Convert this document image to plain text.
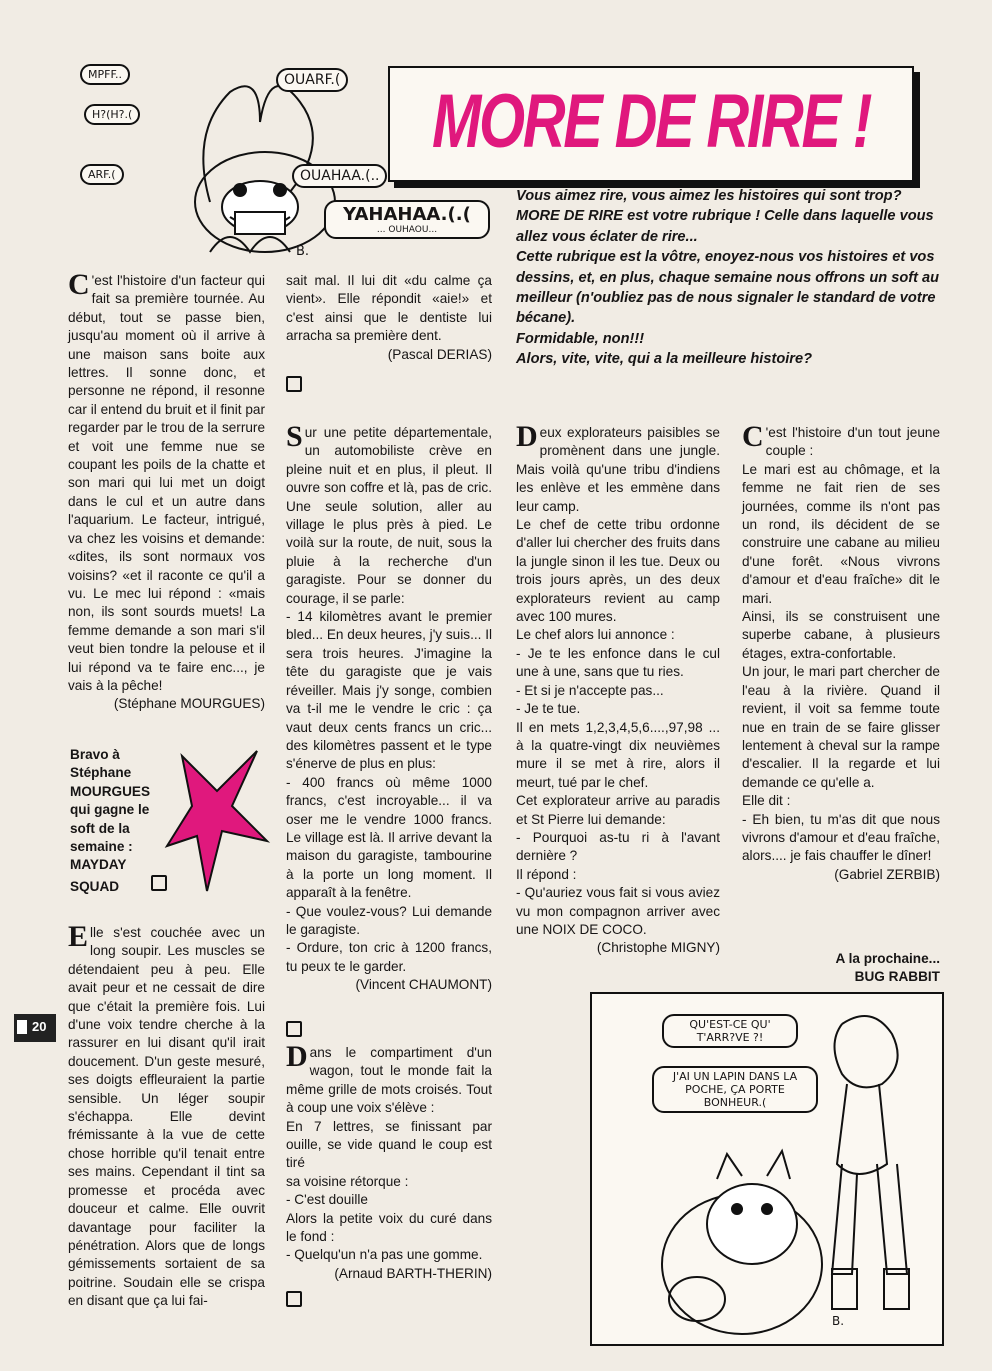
MPFF..
H?(H?.(
ARF.(
OUARF.(
OUAHAA.(..
YAHAHAA.(.(
... OUHAOU...
B.
MORE DE RIRE !

Vous aimez rire, vous aimez les histoires qui sont trop? MORE DE RIRE est votre rubrique ! Celle dans laquelle vous allez vous éclater de rire...

Cette rubrique est la vôtre, enoyez-nous vos histoires et vos dessins, et, en plus, chaque semaine nous offrons un soft au meilleur (n'oubliez pas de nous signaler le standard de votre bécane).

Formidable, non!!!

Alors, vite, vite, qui a la meilleure histoire?

C 'est l'histoire d'un facteur qui fait sa première tournée. Au début, tout se passe bien, jusqu'au moment où il arrive à une maison sans boite aux lettres. Il sonne donc, et personne ne répond, il resonne car il entend du bruit et il finit par regarder par le trou de la serrure et voit une femme nue se coupant les poils de la chatte et son mari qui lui met un doigt dans le cul et un autre dans l'aquarium. Le facteur, intrigué, va chez les voisins et demande: «dites, ils sont normaux vos voisins? «et il raconte ce qu'il a vu. Le mec lui répond : «mais non, ils sont sourds muets! La femme demande a son mari s'il veut bien tondre la pelouse et il lui répond va te faire enc..., je vais à la pêche!

(Stéphane MOURGUES)

Bravo à
Stéphane
MOURGUES
qui gagne le
soft de la
semaine :
MAYDAY
SQUAD

Elle s'est couchée avec un long soupir. Les muscles se détendaient peu à peu. Elle avait peur et ne cessait de dire que c'était la première fois. Lui d'une voix tendre cherche à la rassurer en lui disant qu'il irait doucement. D'un geste mesuré, ses doigts effleuraient la partie sensible. Un léger soupir s'échappa. Elle devint frémissante à la vue de cette chose horrible qu'il tenait entre ses mains. Cependant il tint sa promesse et procéda avec douceur et calme. Elle ouvrit davantage pour faciliter la pénétration. Alors que de longs gémissements sortaient de sa poitrine. Soudain elle se crispa en disant que ça lui fai-

20

sait mal. Il lui dit «du calme ça vient». Elle répondit «aie!» et c'est ainsi que le dentiste lui arracha sa première dent.

(Pascal DERIAS)

Sur une petite départementale, un automobiliste crève en pleine nuit et en plus, il pleut. Il ouvre son coffre et là, pas de cric. Une seule solution, aller au village le plus près à pied. Le voilà sur la route, de nuit, sous la pluie à la recherche d'un garagiste. Pour se donner du courage, il se parle:

- 14 kilomètres avant le premier bled... En deux heures, j'y suis... Il sera trois heures. J'imagine la tête du garagiste que je vais réveiller. Mais j'y songe, combien va t-il me le vendre le cric : ça vaut deux cents francs un cric... des kilomètres passent et le type s'énerve de plus en plus:

- 400 francs où même 1000 francs, c'est incroyable... il va oser me le vendre 1000 francs. Le village est là. Il arrive devant la maison du garagiste, tambourine à la porte un long moment. Il apparaît à la fenêtre.

- Que voulez-vous? Lui demande le garagiste.

- Ordure, ton cric à 1200 francs, tu peux te le garder.

(Vincent CHAUMONT)

Dans le compartiment d'un wagon, tout le monde fait la même grille de mots croisés. Tout à coup une voix s'élève :

En 7 lettres, se finissant par ouille, se vide quand le coup est tiré

sa voisine rétorque :

- C'est douille

Alors la petite voix du curé dans le fond :

- Quelqu'un n'a pas une gomme.

(Arnaud BARTH-THERIN)

Deux explorateurs paisibles se promènent dans une jungle. Mais voilà qu'une tribu d'indiens les enlève et les emmène dans leur camp.

Le chef de cette tribu ordonne d'aller lui chercher des fruits dans la jungle sinon il les tue. Deux ou trois jours après, un des deux explorateurs revient au camp avec 100 mures.

Le chef alors lui annonce :

- Je te les enfonce dans le cul une à une, sans que tu ries.

- Et si je n'accepte pas...

- Je te tue.

Il en mets 1,2,3,4,5,6....,97,98 ... à la quatre-vingt dix neuvièmes mure il se met à rire, alors il meurt, tué par le chef.

Cet explorateur arrive au paradis et St Pierre lui demande:

- Pourquoi as-tu ri à l'avant dernière ?

Il répond :

- Qu'auriez vous fait si vous aviez vu mon compagnon arriver avec une NOIX DE COCO.

(Christophe MIGNY)

C 'est l'histoire d'un tout jeune couple :

Le mari est au chômage, et la femme ne fait rien de ses journées, comme ils n'ont pas un rond, ils décident de se construire une cabane au milieu d'une forêt. «Nous vivrons d'amour et d'eau fraîche» dit le mari.

Ainsi, ils se construisent une superbe cabane, à plusieurs étages, extra-confortable.

Un jour, le mari part chercher de l'eau à la rivière. Quand il revient, il voit sa femme toute nue en train de se faire glisser lentement à cheval sur la rampe d'escalier. Il la regarde et lui demande ce qu'elle a.

Elle dit :

- Eh bien, tu m'as dit que nous vivrons d'amour et d'eau fraîche, alors.... je fais chauffer le dîner!

(Gabriel ZERBIB)

A la prochaine...
BUG RABBIT
QU'EST-CE QU' T'ARR?VE ?!
J'AI UN LAPIN DANS LA POCHE, ÇA PORTE BONHEUR.(
B.
